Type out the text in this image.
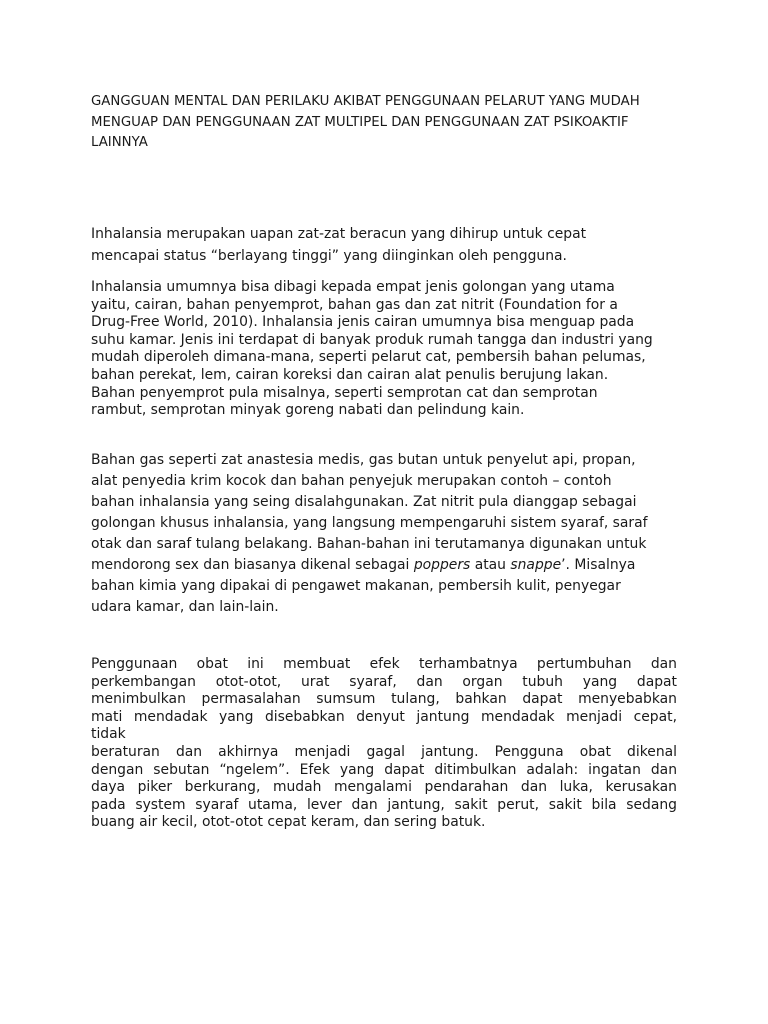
GANGGUAN MENTAL DAN PERILAKU AKIBAT PENGGUNAAN PELARUT YANG MUDAH
MENGUAP DAN PENGGUNAAN ZAT MULTIPEL DAN PENGGUNAAN ZAT PSIKOAKTIF
LAINNYA

Inhalansia merupakan uapan zat-zat beracun yang dihirup untuk cepat
mencapai status “berlayang tinggi” yang diinginkan oleh pengguna.

Inhalansia umumnya bisa dibagi kepada empat jenis golongan yang utama
yaitu, cairan, bahan penyemprot, bahan gas dan zat nitrit (Foundation for a
Drug-Free World, 2010). Inhalansia jenis cairan umumnya bisa menguap pada
suhu kamar. Jenis ini terdapat di banyak produk rumah tangga dan industri yang
mudah diperoleh dimana-mana, seperti pelarut cat, pembersih bahan pelumas,
bahan perekat, lem, cairan koreksi dan cairan alat penulis berujung lakan.
Bahan penyemprot pula misalnya, seperti semprotan cat dan semprotan
rambut, semprotan minyak goreng nabati dan pelindung kain.

Bahan gas seperti zat anastesia medis, gas butan untuk penyelut api, propan,
alat penyedia krim kocok dan bahan penyejuk merupakan contoh – contoh
bahan inhalansia yang seing disalahgunakan. Zat nitrit pula dianggap sebagai
golongan khusus inhalansia, yang langsung mempengaruhi sistem syaraf, saraf
otak dan saraf tulang belakang. Bahan-bahan ini terutamanya digunakan untuk
mendorong sex dan biasanya dikenal sebagai poppers atau snappe’. Misalnya
bahan kimia yang dipakai di pengawet makanan, pembersih kulit, penyegar
udara kamar, dan lain-lain.

Penggunaan obat ini membuat efek terhambatnya pertumbuhan dan
perkembangan otot-otot, urat syaraf, dan organ tubuh yang dapat
menimbulkan permasalahan sumsum tulang, bahkan dapat menyebabkan
mati mendadak yang disebabkan denyut jantung mendadak menjadi cepat,
tidak
beraturan dan akhirnya menjadi gagal jantung. Pengguna obat dikenal
dengan sebutan “ngelem”. Efek yang dapat ditimbulkan adalah: ingatan dan
daya piker berkurang, mudah mengalami pendarahan dan luka, kerusakan
pada system syaraf utama, lever dan jantung, sakit perut, sakit bila sedang
buang air kecil, otot-otot cepat keram, dan sering batuk.
